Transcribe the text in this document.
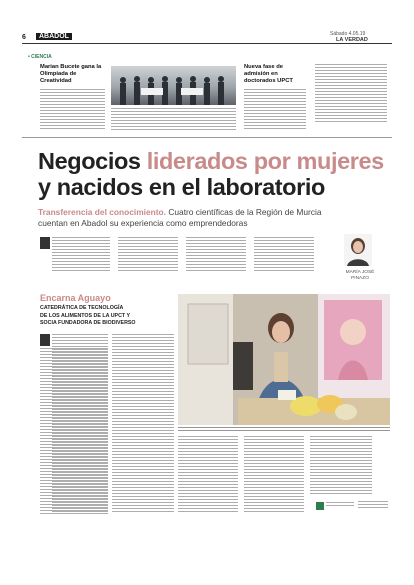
6	ABADOL	Sábado 4.05.19
LA VERDAD
• CIENCIA
Marian Bucete gana la Olimpiada de Creatividad
Nueva fase de admisión en doctorados UPCT
Negocios liderados por mujeres
y nacidos en el laboratorio
Transferencia del conocimiento. Cuatro científicas de la Región de Murcia cuentan en Abadol su experiencia como emprendedoras
MARÍA JOSÉ
PINAZO
Encarna Aguayo
CATEDRÁTICA DE TECNOLOGÍA
DE LOS ALIMENTOS DE LA UPCT Y
SOCIA FUNDADORA DE BIODIVERSO
